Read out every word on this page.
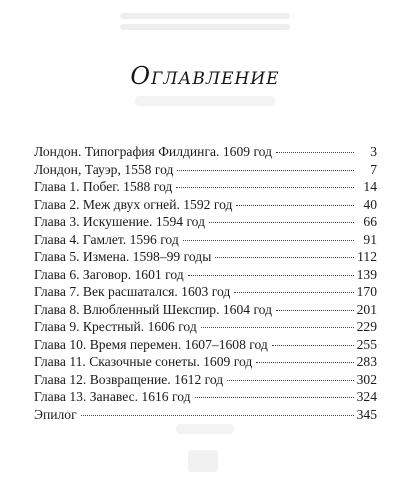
Оглавление
Лондон. Типография Филдинга. 1609 год	3
Лондон, Тауэр, 1558 год	7
Глава 1. Побег. 1588 год	14
Глава 2. Меж двух огней. 1592 год	40
Глава 3. Искушение. 1594 год	66
Глава 4. Гамлет. 1596 год	91
Глава 5. Измена. 1598–99 годы	112
Глава 6. Заговор. 1601 год	139
Глава 7. Век расшатался. 1603 год	170
Глава 8. Влюбленный Шекспир. 1604 год	201
Глава 9. Крестный. 1606 год	229
Глава 10. Время перемен. 1607–1608 год	255
Глава 11. Сказочные сонеты. 1609 год	283
Глава 12. Возвращение. 1612 год	302
Глава 13. Занавес. 1616 год	324
Эпилог	345
